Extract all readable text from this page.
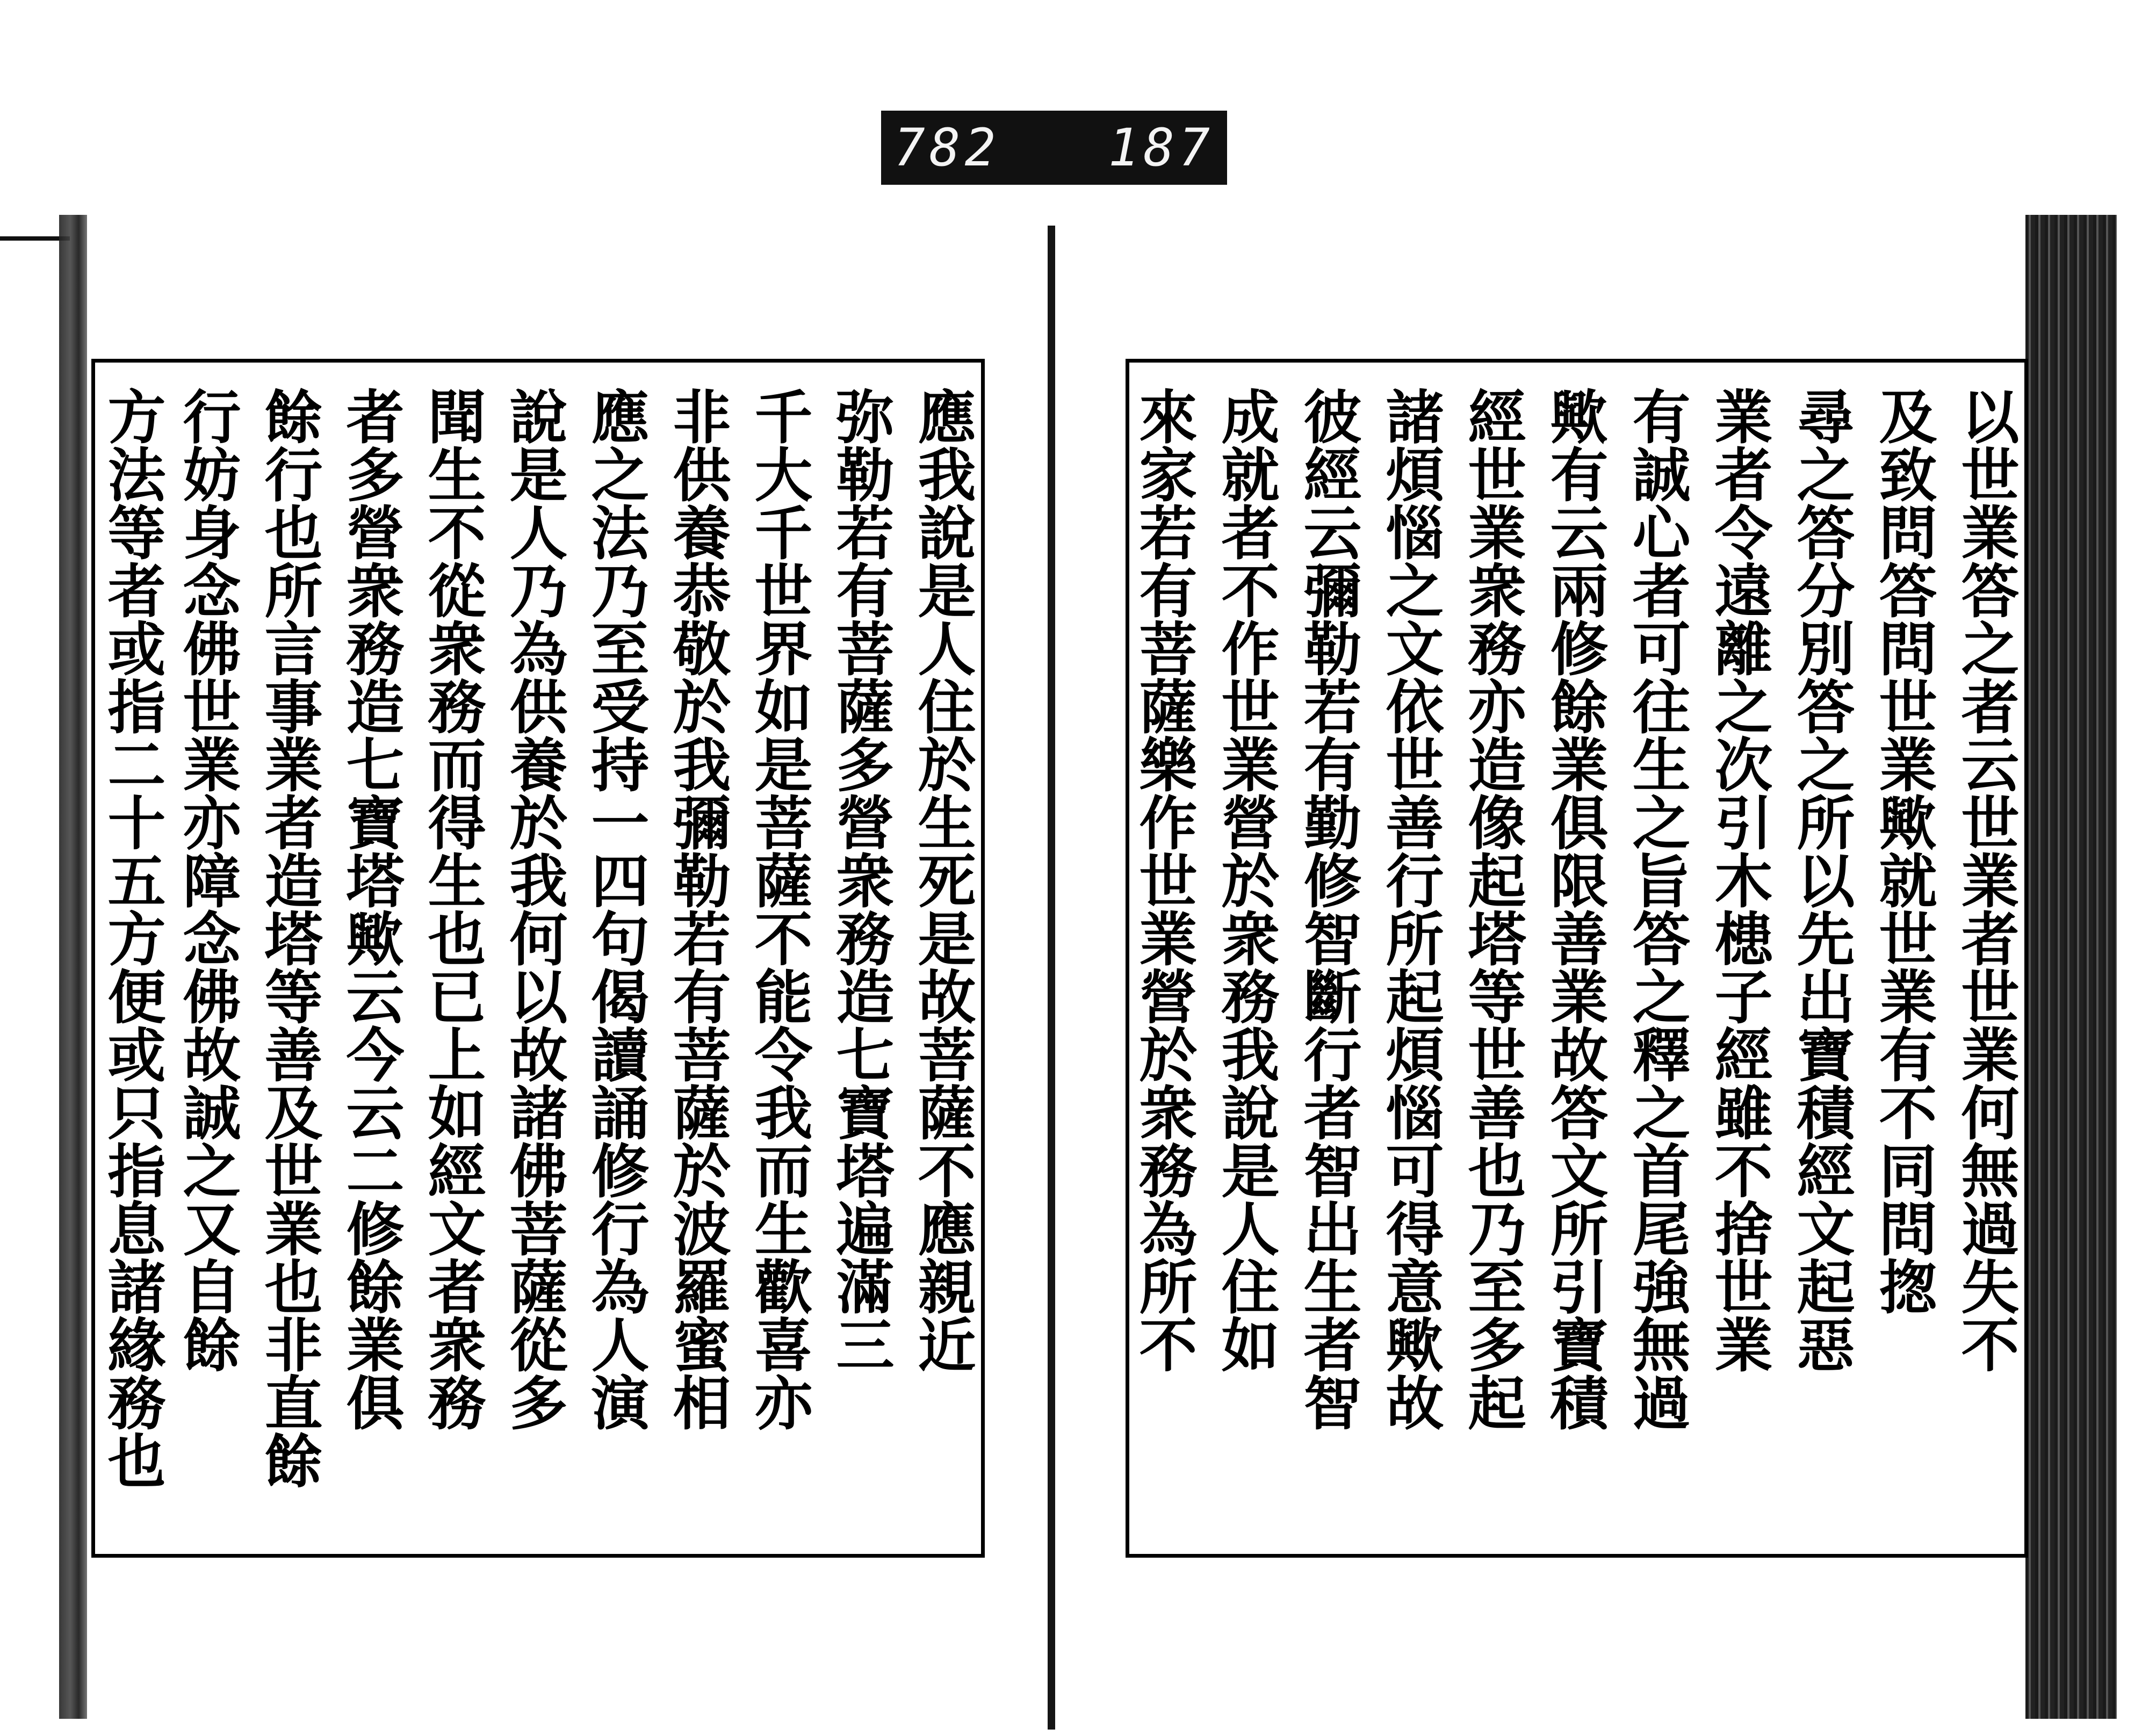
782 187
以世業答之者云世業者世業何無過失不
及致問答問世業歟就世業有不同問揔
尋之答分別答之所以先出寶積經文起惡
業者令遠離之次引木槵子經雖不捨世業
有誠心者可往生之旨答之釋之首尾強無過
歟有云兩修餘業俱限善業故答文所引寶積
經世業衆務亦造像起塔等世善也乃至多起
諸煩惱之文依世善行所起煩惱可得意歟故
彼經云彌勒若有勤修智斷行者智出生者智
成就者不作世業營於衆務我說是人住如
來家若有菩薩樂作世業營於衆務為所不
應我說是人住於生死是故菩薩不應親近
弥勒若有菩薩多營衆務造七寶塔遍滿三
千大千世界如是菩薩不能令我而生歡喜亦
非供養恭敬於我彌勒若有菩薩於波羅蜜相
應之法乃至受持一四句偈讀誦修行為人演
說是人乃為供養於我何以故諸佛菩薩從多
聞生不從衆務而得生也已上如經文者衆務
者多營衆務造七寶塔歟云今云二修餘業俱
餘行也所言事業者造塔等善及世業也非直餘
行妨身念佛世業亦障念佛故誠之又自餘
方法等者或指二十五方便或只指息諸緣務也
